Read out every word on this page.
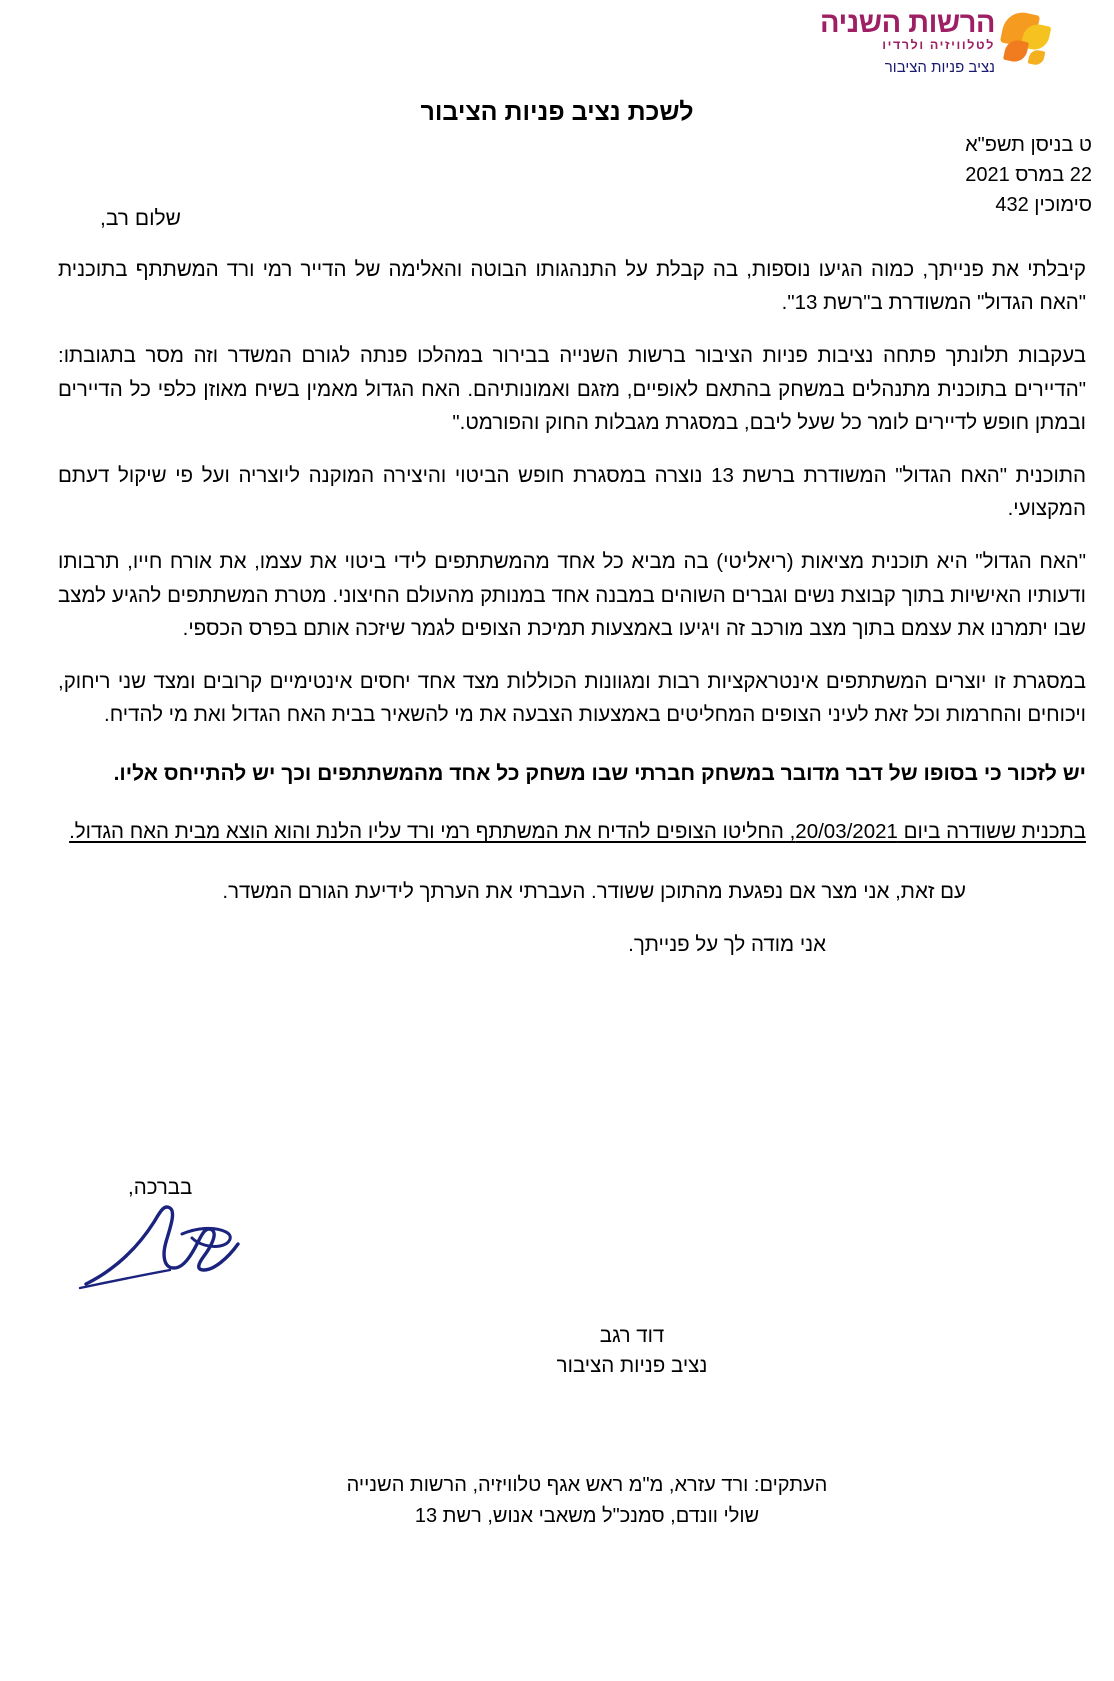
הרשות השניה
לטלוויזיה ולרדיו
נציב פניות הציבור
לשכת נציב פניות הציבור
ט בניסן תשפ"א
22 במרס 2021
סימוכין 432
שלום רב,

קיבלתי את פנייתך, כמוה הגיעו נוספות, בה קבלת על התנהגותו הבוטה והאלימה של הדייר רמי ורד המשתתף בתוכנית "האח הגדול" המשודרת ב"רשת 13".

בעקבות תלונתך פתחה נציבות פניות הציבור ברשות השנייה בבירור במהלכו פנתה לגורם המשדר וזה מסר בתגובתו: "הדיירים בתוכנית מתנהלים במשחק בהתאם לאופיים, מזגם ואמונותיהם. האח הגדול מאמין בשיח מאוזן כלפי כל הדיירים ובמתן חופש לדיירים לומר כל שעל ליבם, במסגרת מגבלות החוק והפורמט."

התוכנית "האח הגדול" המשודרת ברשת 13 נוצרה במסגרת חופש הביטוי והיצירה המוקנה ליוצריה ועל פי שיקול דעתם המקצועי.

"האח הגדול" היא תוכנית מציאות (ריאליטי) בה מביא כל אחד מהמשתתפים לידי ביטוי את עצמו, את אורח חייו, תרבותו ודעותיו האישיות בתוך קבוצת נשים וגברים השוהים במבנה אחד במנותק מהעולם החיצוני. מטרת המשתתפים להגיע למצב שבו יתמרנו את עצמם בתוך מצב מורכב זה ויגיעו באמצעות תמיכת הצופים לגמר שיזכה אותם בפרס הכספי.

במסגרת זו יוצרים המשתתפים אינטראקציות רבות ומגוונות הכוללות מצד אחד יחסים אינטימיים קרובים ומצד שני ריחוק, ויכוחים והחרמות וכל זאת לעיני הצופים המחליטים באמצעות הצבעה את מי להשאיר בבית האח הגדול ואת מי להדיח.

יש לזכור כי בסופו של דבר מדובר במשחק חברתי שבו משחק כל אחד מהמשתתפים וכך יש להתייחס אליו.

בתכנית ששודרה ביום 20/03/2021, החליטו הצופים להדיח את המשתתף רמי ורד עליו הלנת והוא הוצא מבית האח הגדול.

עם זאת, אני מצר אם נפגעת מהתוכן ששודר. העברתי את הערתך לידיעת הגורם המשדר.

אני מודה לך על פנייתך.

בברכה,

דוד רגב
נציב פניות הציבור
העתקים: ורד עזרא, מ"מ ראש אגף טלוויזיה, הרשות השנייה
שולי וונדם, סמנכ"ל משאבי אנוש, רשת 13
